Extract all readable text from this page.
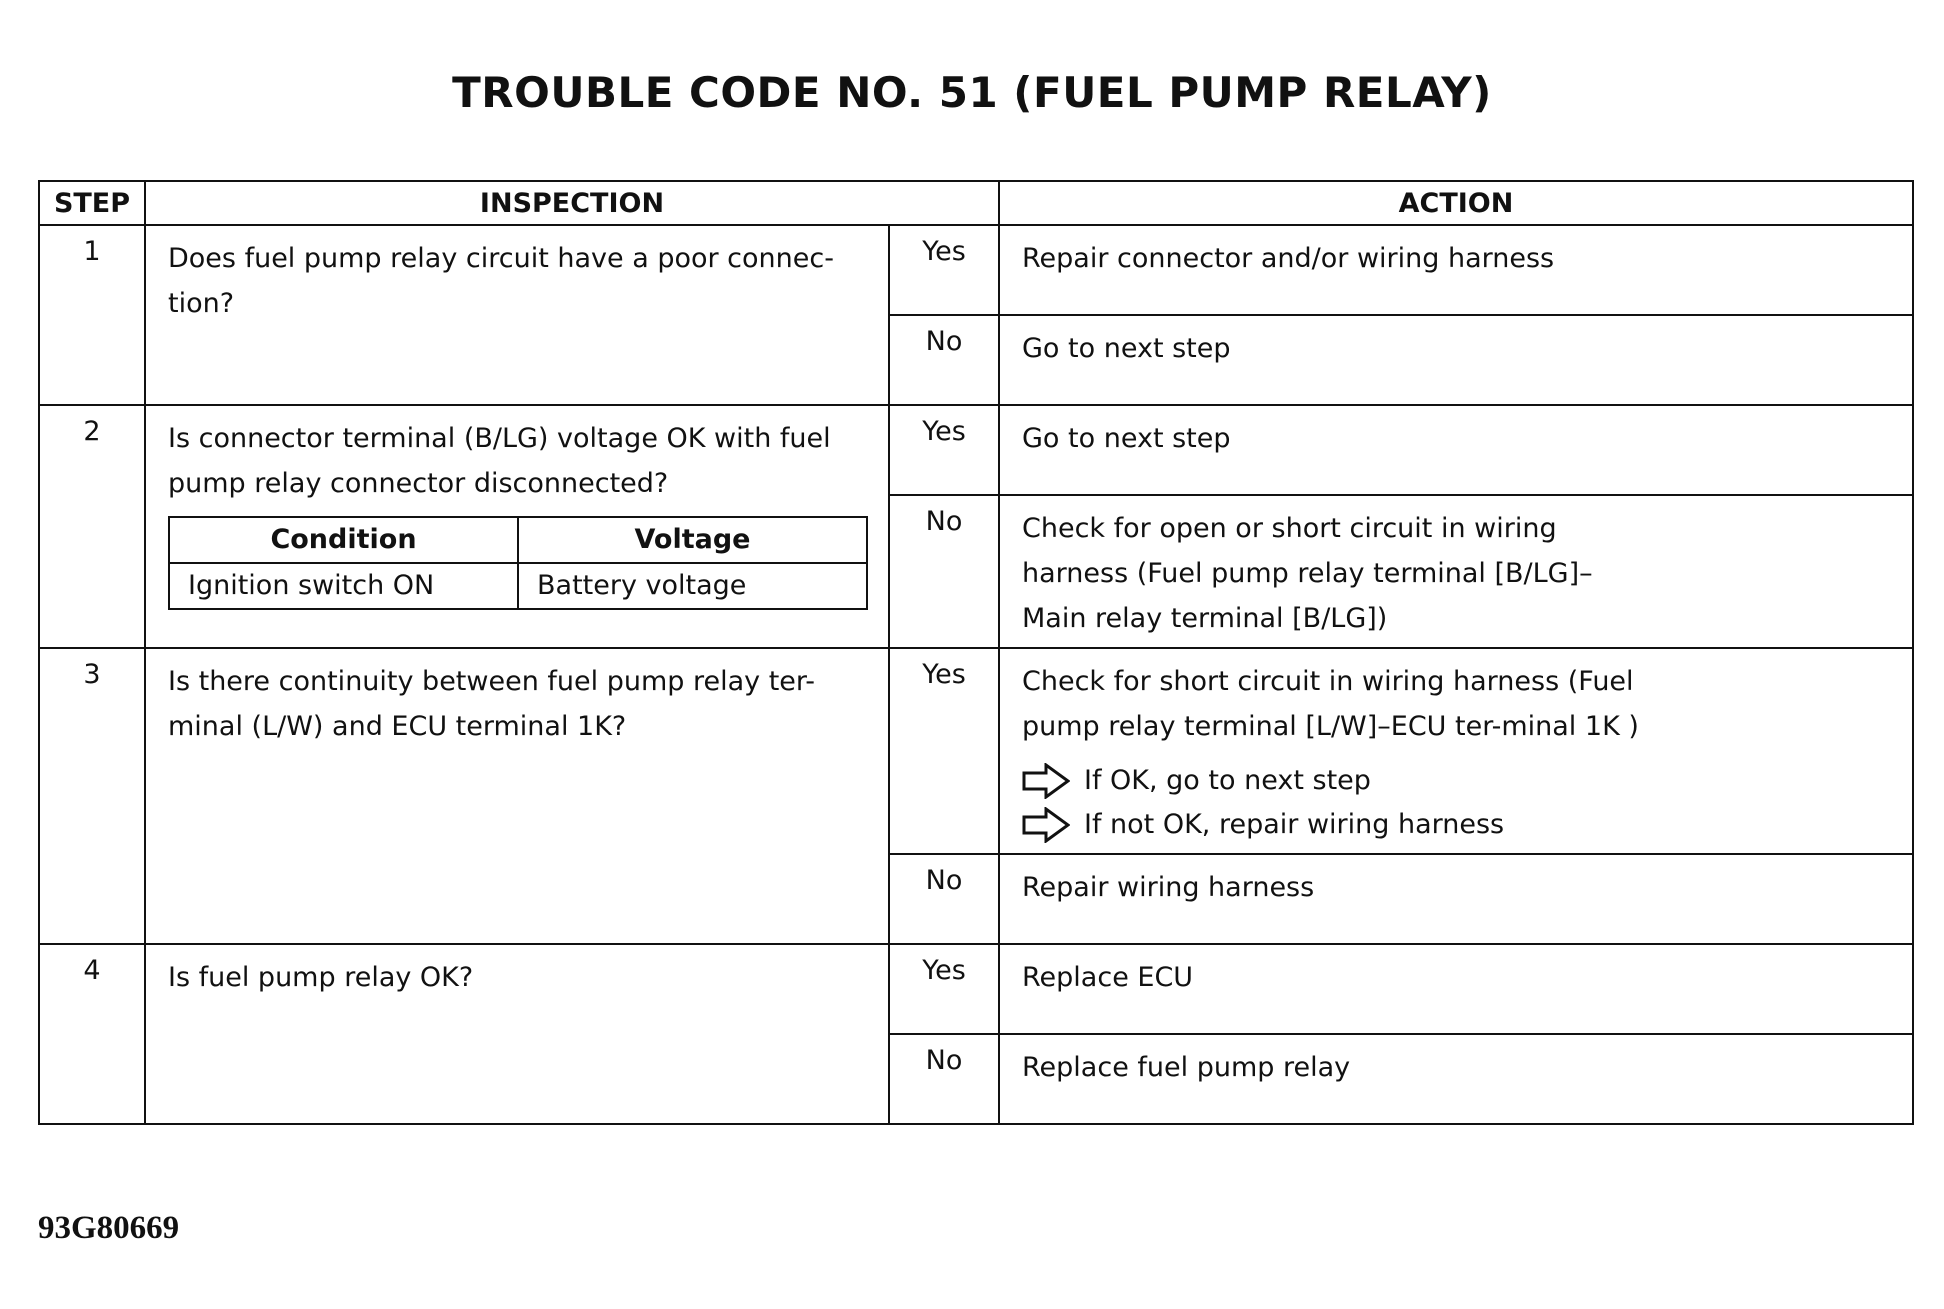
TROUBLE CODE NO. 51 (FUEL PUMP RELAY)
STEP	INSPECTION	ACTION
1	Does fuel pump relay circuit have a poor connec-tion?	Yes	Repair connector and/or wiring harness
No	Go to next step
2	Is connector terminal (B/LG) voltage OK with fuel pump relay connector disconnected?
Condition	Voltage
Ignition switch ON	Battery voltage
	Yes	Go to next step
No	Check for open or short circuit in wiring harness (Fuel pump relay terminal [B/LG]–Main relay terminal [B/LG])

3	Is there continuity between fuel pump relay ter-minal (L/W) and ECU terminal 1K?	Yes	Check for short circuit in wiring harness (Fuel pump relay terminal [L/W]–ECU ter-minal 1K )
If OK, go to next step
If not OK, repair wiring harness

No	Repair wiring harness
4	Is fuel pump relay OK?	Yes	Replace ECU
No	Replace fuel pump relay
93G80669
